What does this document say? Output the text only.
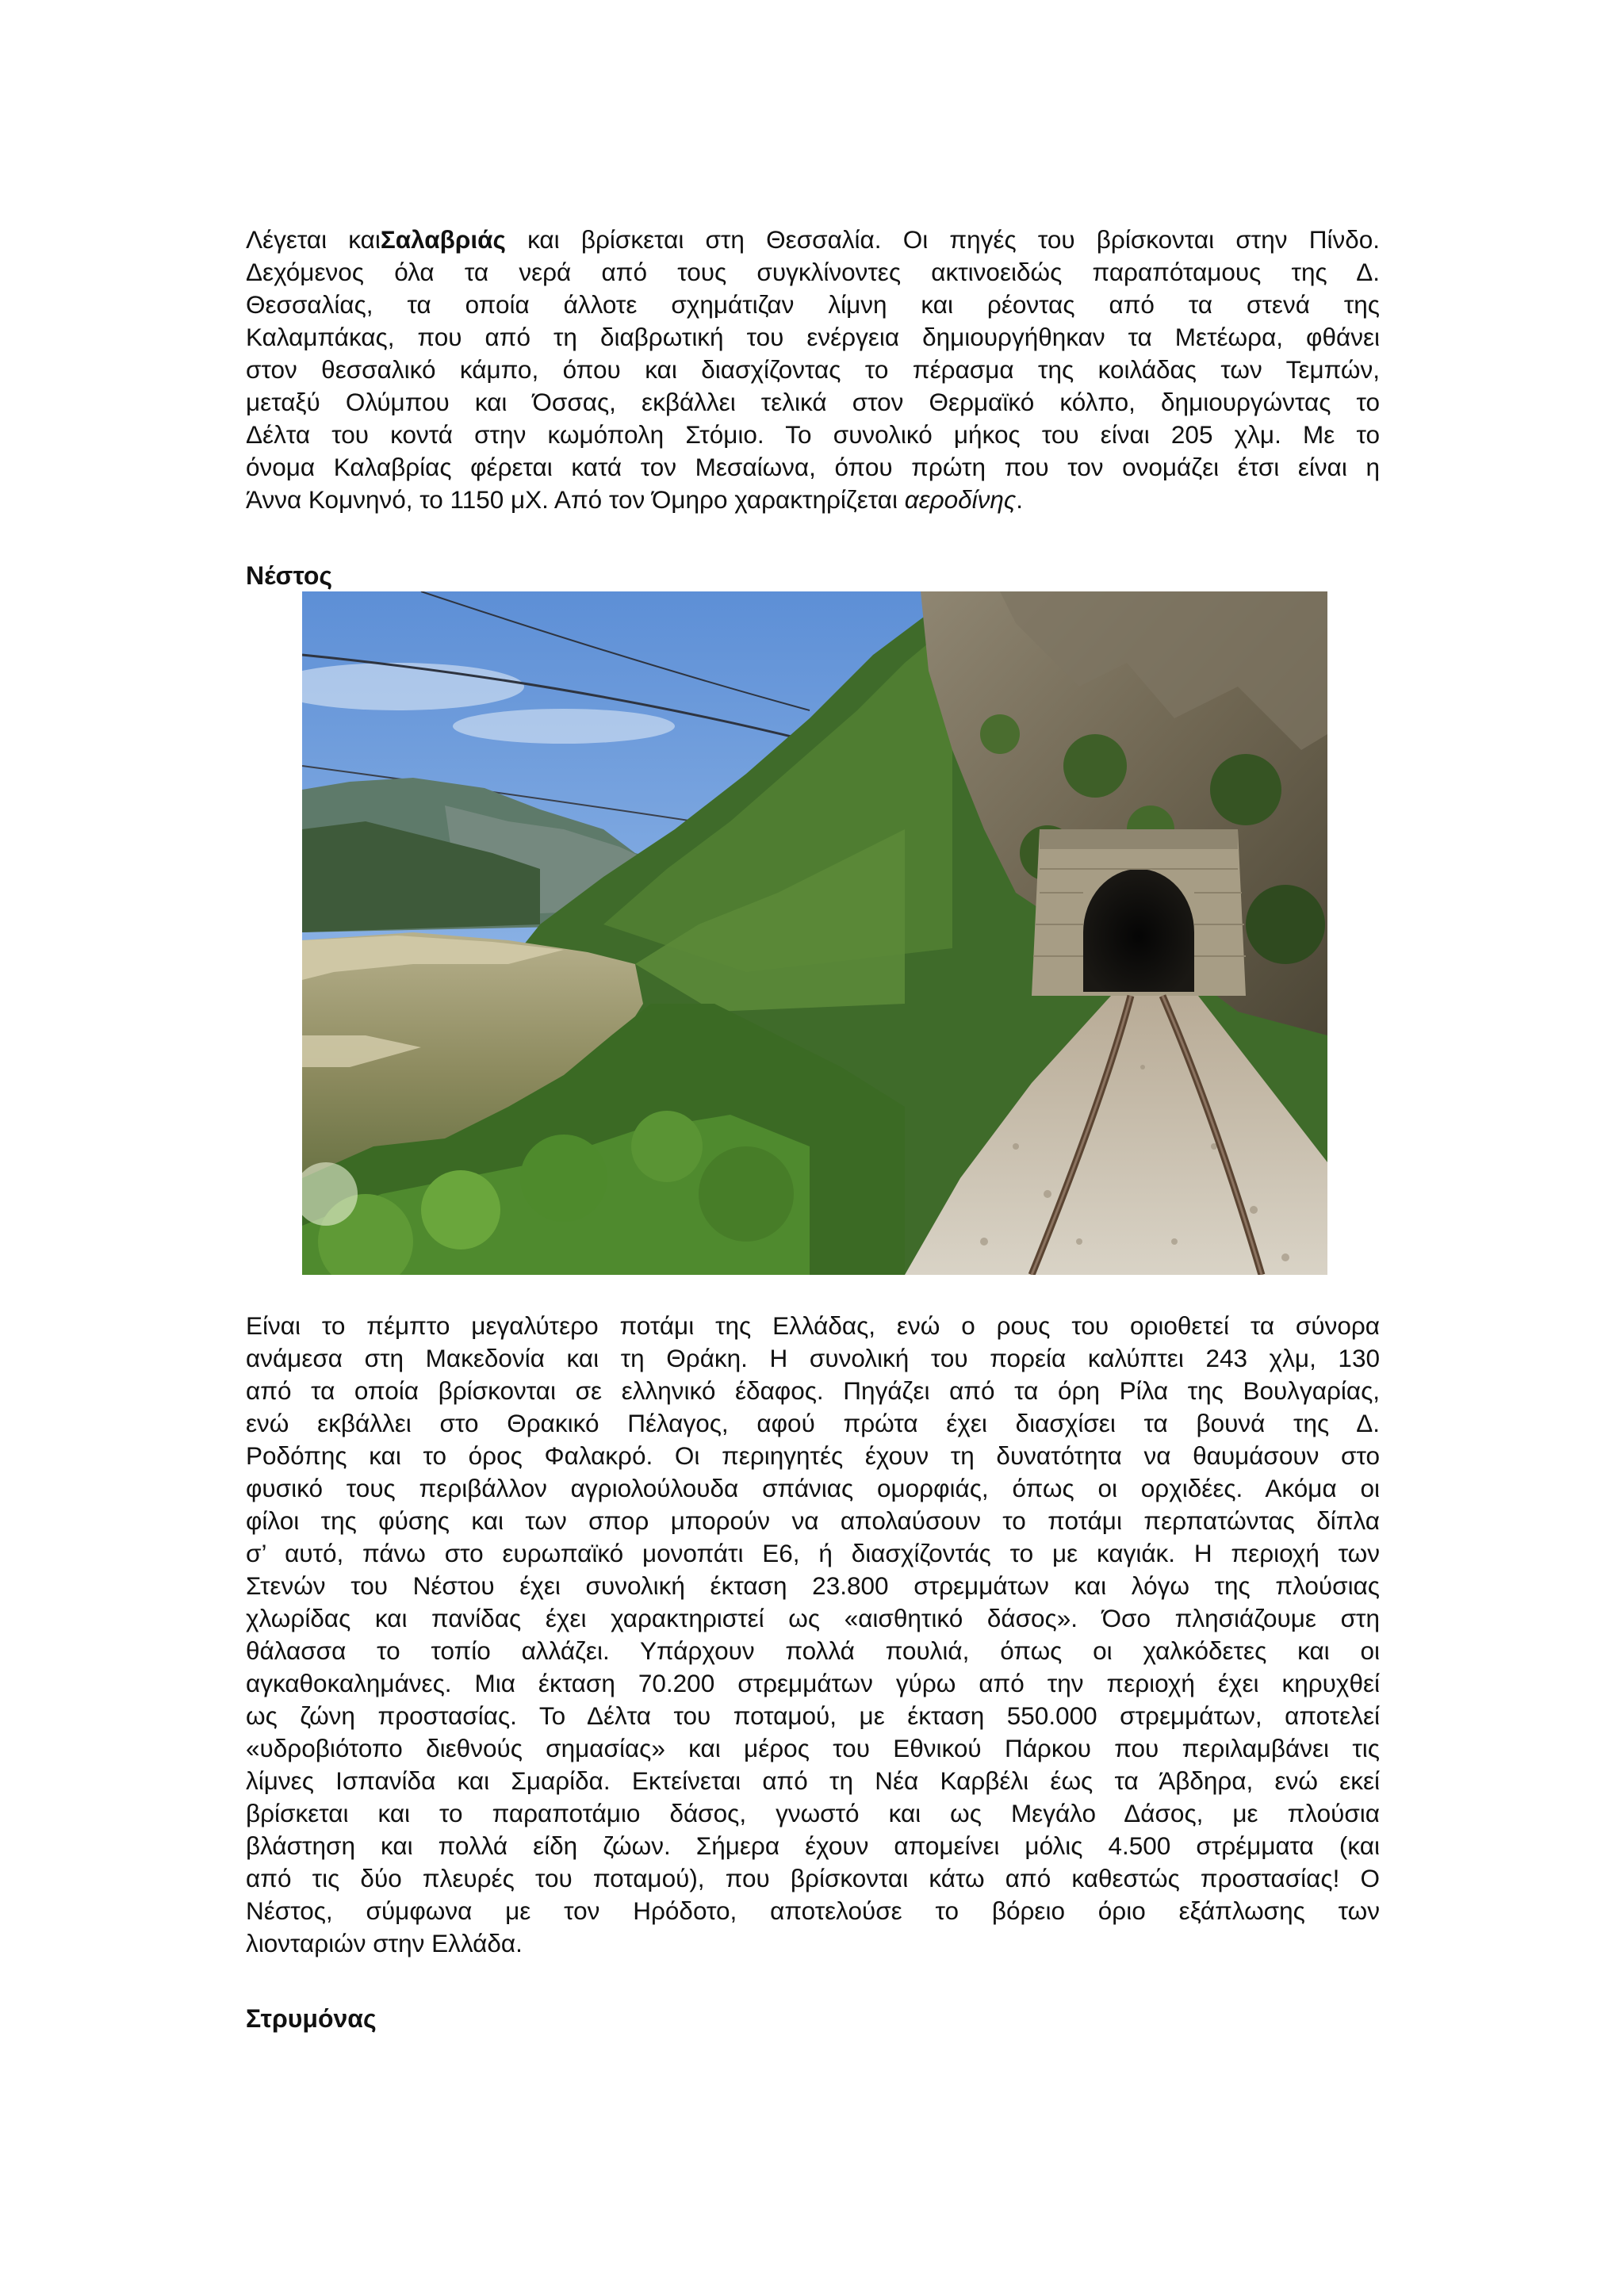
Λέγεται καιΣαλαβριάς και βρίσκεται στη Θεσσαλία. Οι πηγές του βρίσκονται στην Πίνδο.
Δεχόμενος όλα τα νερά από τους συγκλίνοντες ακτινοειδώς παραπόταμους της Δ.
Θεσσαλίας, τα οποία άλλοτε σχημάτιζαν λίμνη και ρέοντας από τα στενά της
Καλαμπάκας, που από τη διαβρωτική του ενέργεια δημιουργήθηκαν τα Μετέωρα, φθάνει
στον θεσσαλικό κάμπο, όπου και διασχίζοντας το πέρασμα της κοιλάδας των Τεμπών,
μεταξύ Ολύμπου και Όσσας, εκβάλλει τελικά στον Θερμαϊκό κόλπο, δημιουργώντας το
Δέλτα του κοντά στην κωμόπολη Στόμιο. Το συνολικό μήκος του είναι 205 χλμ. Με το
όνομα Καλαβρίας φέρεται κατά τον Μεσαίωνα, όπου πρώτη που τον ονομάζει έτσι είναι η
Άννα Κομνηνό, το 1150 μΧ. Από τον Όμηρο χαρακτηρίζεται αεροδίνης.
Νέστος
Είναι το πέμπτο μεγαλύτερο ποτάμι της Ελλάδας, ενώ ο ρους του οριοθετεί τα σύνορα
ανάμεσα στη Μακεδονία και τη Θράκη. Η συνολική του πορεία καλύπτει 243 χλμ, 130
από τα οποία βρίσκονται σε ελληνικό έδαφος. Πηγάζει από τα όρη Ρίλα της Βουλγαρίας,
ενώ εκβάλλει στο Θρακικό Πέλαγος, αφού πρώτα έχει διασχίσει τα βουνά της Δ.
Ροδόπης και το όρος Φαλακρό. Οι περιηγητές έχουν τη δυνατότητα να θαυμάσουν στο
φυσικό τους περιβάλλον αγριολούλουδα σπάνιας ομορφιάς, όπως οι ορχιδέες. Ακόμα οι
φίλοι της φύσης και των σπορ μπορούν να απολαύσουν το ποτάμι περπατώντας δίπλα
σ’ αυτό, πάνω στο ευρωπαϊκό μονοπάτι Ε6, ή διασχίζοντάς το με καγιάκ. Η περιοχή των
Στενών του Νέστου έχει συνολική έκταση 23.800 στρεμμάτων και λόγω της πλούσιας
χλωρίδας και πανίδας έχει χαρακτηριστεί ως «αισθητικό δάσος». Όσο πλησιάζουμε στη
θάλασσα το τοπίο αλλάζει. Υπάρχουν πολλά πουλιά, όπως οι χαλκόδετες και οι
αγκαθοκαλημάνες. Μια έκταση 70.200 στρεμμάτων γύρω από την περιοχή έχει κηρυχθεί
ως ζώνη προστασίας. Το Δέλτα του ποταμού, με έκταση 550.000 στρεμμάτων, αποτελεί
«υδροβιότοπο διεθνούς σημασίας» και μέρος του Εθνικού Πάρκου που περιλαμβάνει τις
λίμνες Ισπανίδα και Σμαρίδα. Εκτείνεται από τη Νέα Καρβέλι έως τα Άβδηρα, ενώ εκεί
βρίσκεται και το παραποτάμιο δάσος, γνωστό και ως Μεγάλο Δάσος, με πλούσια
βλάστηση και πολλά είδη ζώων. Σήμερα έχουν απομείνει μόλις 4.500 στρέμματα (και
από τις δύο πλευρές του ποταμού), που βρίσκονται κάτω από καθεστώς προστασίας! Ο
Νέστος, σύμφωνα με τον Ηρόδοτο, αποτελούσε το βόρειο όριο εξάπλωσης των
λιονταριών στην Ελλάδα.
Στρυμόνας
